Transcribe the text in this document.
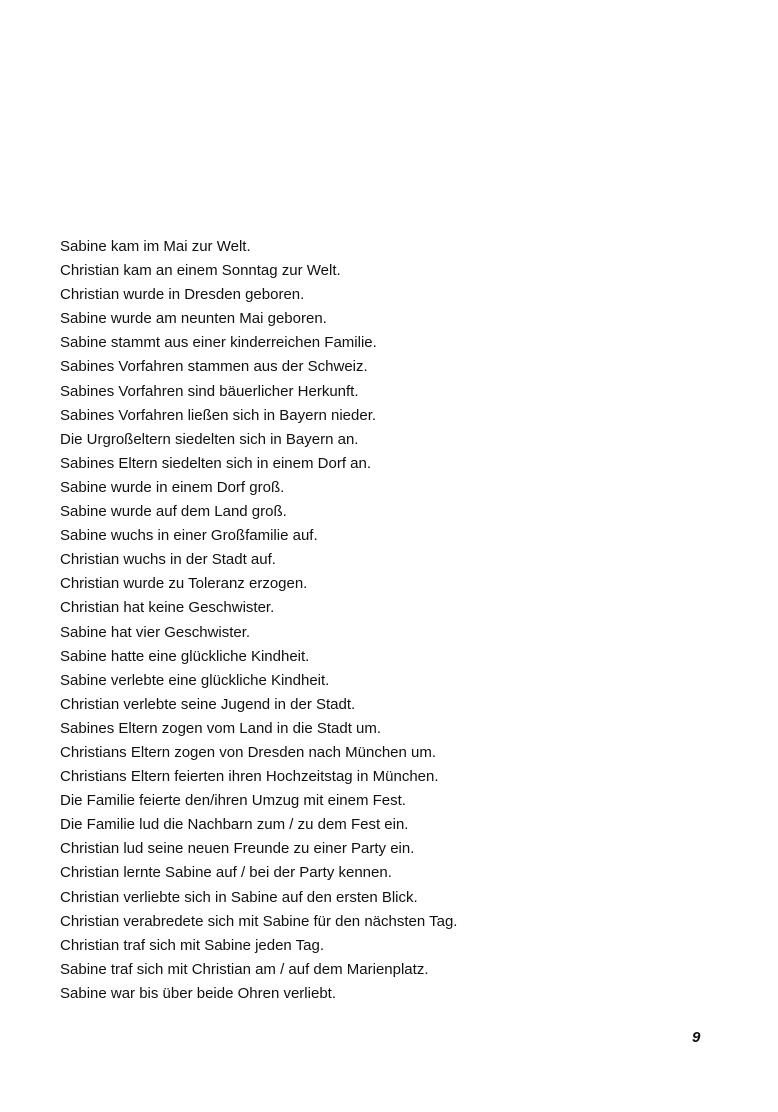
Sabine kam im Mai zur Welt.
Christian kam an einem Sonntag zur Welt.
Christian wurde in Dresden geboren.
Sabine wurde am neunten Mai geboren.
Sabine stammt aus einer kinderreichen Familie.
Sabines Vorfahren stammen aus der Schweiz.
Sabines Vorfahren sind bäuerlicher Herkunft.
Sabines Vorfahren ließen sich in Bayern nieder.
Die Urgroßeltern siedelten sich in Bayern an.
Sabines Eltern siedelten sich in einem Dorf an.
Sabine wurde in einem Dorf groß.
Sabine wurde auf dem Land groß.
Sabine wuchs in einer Großfamilie auf.
Christian wuchs in der Stadt auf.
Christian wurde zu Toleranz erzogen.
Christian hat keine Geschwister.
Sabine hat vier Geschwister.
Sabine hatte eine glückliche Kindheit.
Sabine verlebte eine glückliche Kindheit.
Christian verlebte seine Jugend in der Stadt.
Sabines Eltern zogen vom Land in die Stadt um.
Christians Eltern zogen von Dresden nach München um.
Christians Eltern feierten ihren Hochzeitstag in München.
Die Familie feierte den/ihren Umzug mit einem Fest.
Die Familie lud die Nachbarn zum / zu dem Fest ein.
Christian lud seine neuen Freunde zu einer Party ein.
Christian lernte Sabine auf / bei der Party kennen.
Christian verliebte sich in Sabine auf den ersten Blick.
Christian verabredete sich mit Sabine für den nächsten Tag.
Christian traf sich mit Sabine jeden Tag.
Sabine traf sich mit Christian am / auf dem Marienplatz.
Sabine war bis über beide Ohren verliebt.
9
